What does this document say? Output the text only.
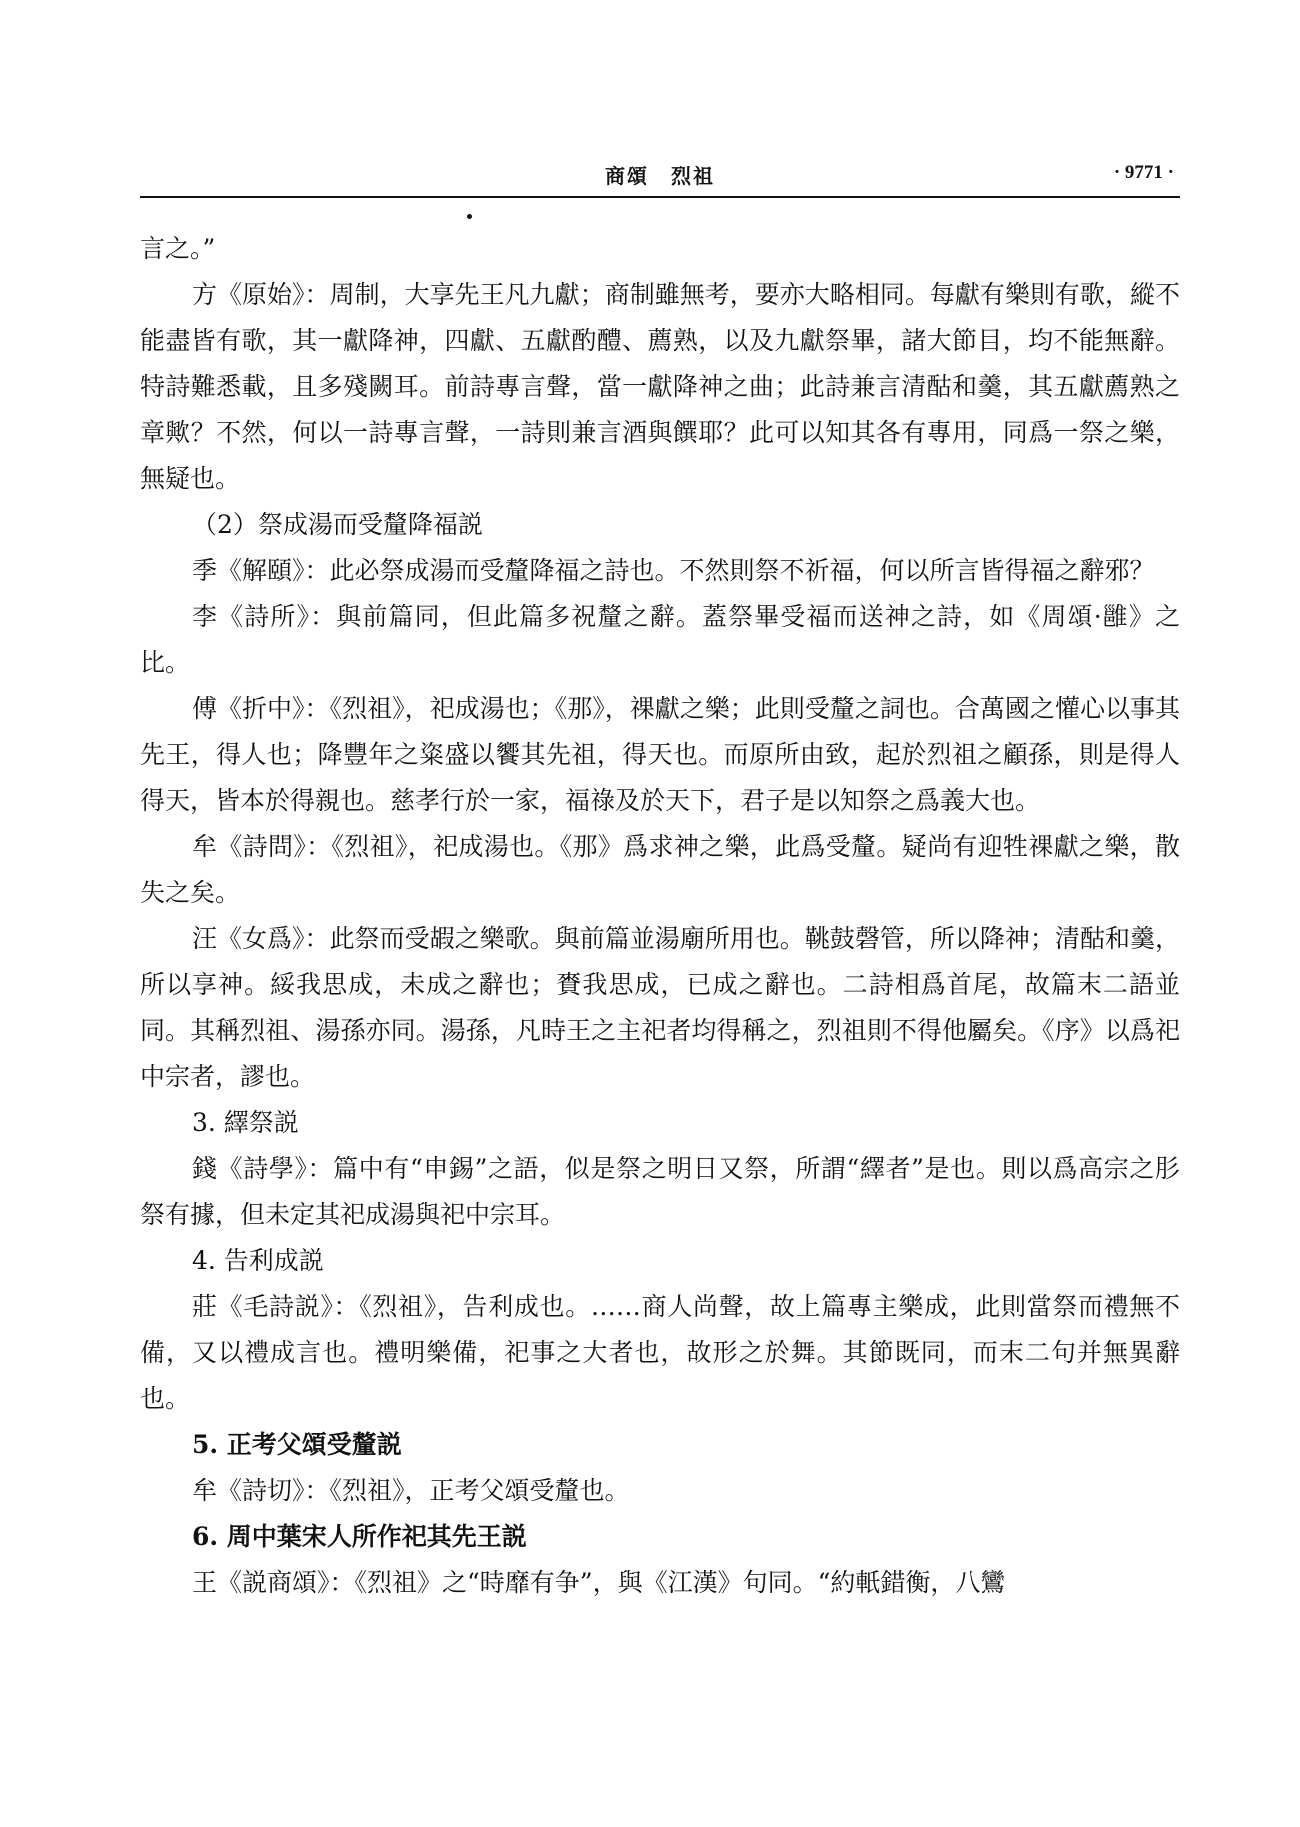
商頌　烈祖	· 9771 ·

言之。”

方《原始》：周制，大享先王凡九獻；商制雖無考，要亦大略相同。每獻有樂則有歌，縱不能盡皆有歌，其一獻降神，四獻、五獻酌醴、薦熟，以及九獻祭畢，諸大節目，均不能無辭。特詩難悉載，且多殘闕耳。前詩專言聲，當一獻降神之曲；此詩兼言清酤和羹，其五獻薦熟之章歟？不然，何以一詩專言聲，一詩則兼言酒與饌耶？此可以知其各有專用，同爲一祭之樂，無疑也。

（2）祭成湯而受釐降福説

季《解頤》：此必祭成湯而受釐降福之詩也。不然則祭不祈福，何以所言皆得福之辭邪？

李《詩所》：與前篇同，但此篇多祝釐之辭。蓋祭畢受福而送神之詩，如《周頌·雝》之比。

傅《折中》：《烈祖》，祀成湯也；《那》，祼獻之樂；此則受釐之詞也。合萬國之懽心以事其先王，得人也；降豐年之粢盛以饗其先祖，得天也。而原所由致，起於烈祖之顧孫，則是得人得天，皆本於得親也。慈孝行於一家，福祿及於天下，君子是以知祭之爲義大也。

牟《詩問》：《烈祖》，祀成湯也。《那》爲求神之樂，此爲受釐。疑尚有迎牲祼獻之樂，散失之矣。

汪《女爲》：此祭而受嘏之樂歌。與前篇並湯廟所用也。鞉鼓磬管，所以降神；清酤和羹，所以享神。綏我思成，未成之辭也；賚我思成，已成之辭也。二詩相爲首尾，故篇末二語並同。其稱烈祖、湯孫亦同。湯孫，凡時王之主祀者均得稱之，烈祖則不得他屬矣。《序》以爲祀中宗者，謬也。

3. 繹祭説

錢《詩學》：篇中有“申錫”之語，似是祭之明日又祭，所謂“繹者”是也。則以爲高宗之肜祭有據，但未定其祀成湯與祀中宗耳。

4. 告利成説

莊《毛詩説》：《烈祖》，告利成也。……商人尚聲，故上篇專主樂成，此則當祭而禮無不備，又以禮成言也。禮明樂備，祀事之大者也，故形之於舞。其節既同，而末二句并無異辭也。

5. 正考父頌受釐説

牟《詩切》：《烈祖》，正考父頌受釐也。

6. 周中葉宋人所作祀其先王説

王《説商頌》：《烈祖》之“時靡有争”，與《江漢》句同。“約軝錯衡，八鸞
